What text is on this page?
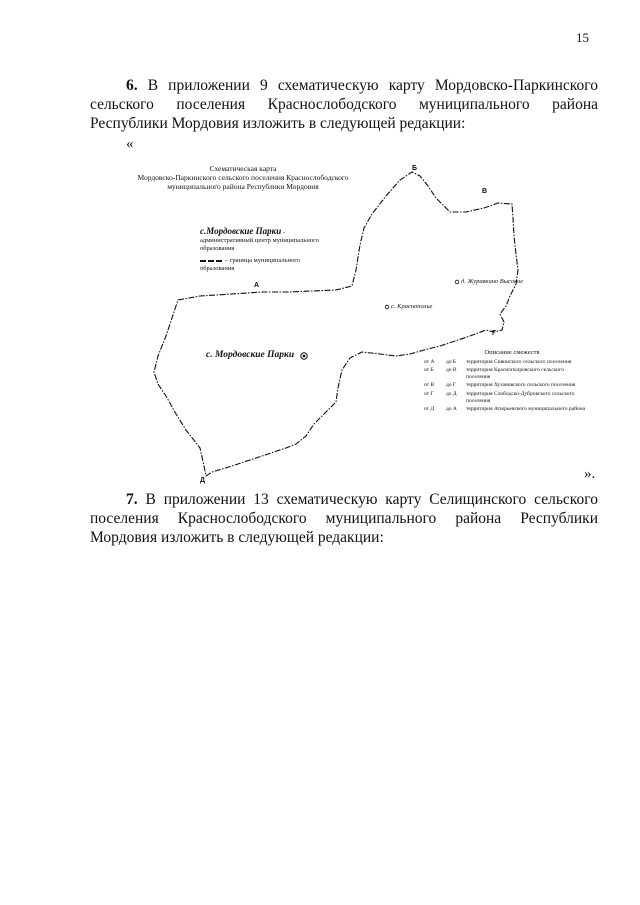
15
6. В приложении 9 схематическую карту Мордовско-Паркинского сельского поселения Краснослободского муниципального района Республики Мордовия изложить в следующей редакции:
«
Схематическая карта
Мордовско-Паркинского сельского поселения Краснослободского
муниципального района Республики Мордовия
с.Мордовские Парки -
административный центр муниципального образования
– граница муниципального образования
А
Б
В
Г
Д
с. Мордовские Парки
д. Журавкино Высокое
с. Краснополье
Описание смежеств
от А	до Б	территория Сивинского сельского поселения
от Б	до В	территория Краснополровского сельского поселения
от В	до Г	территория Хузановского сельского поселения
от Г	до Д	территория Слободско-Дубровского сельского поселения
от Д	до А	территория Атюрьевского муниципального района
».
7. В приложении 13 схематическую карту Селищинского сельского поселения Краснослободского муниципального района Республики Мордовия изложить в следующей редакции:
